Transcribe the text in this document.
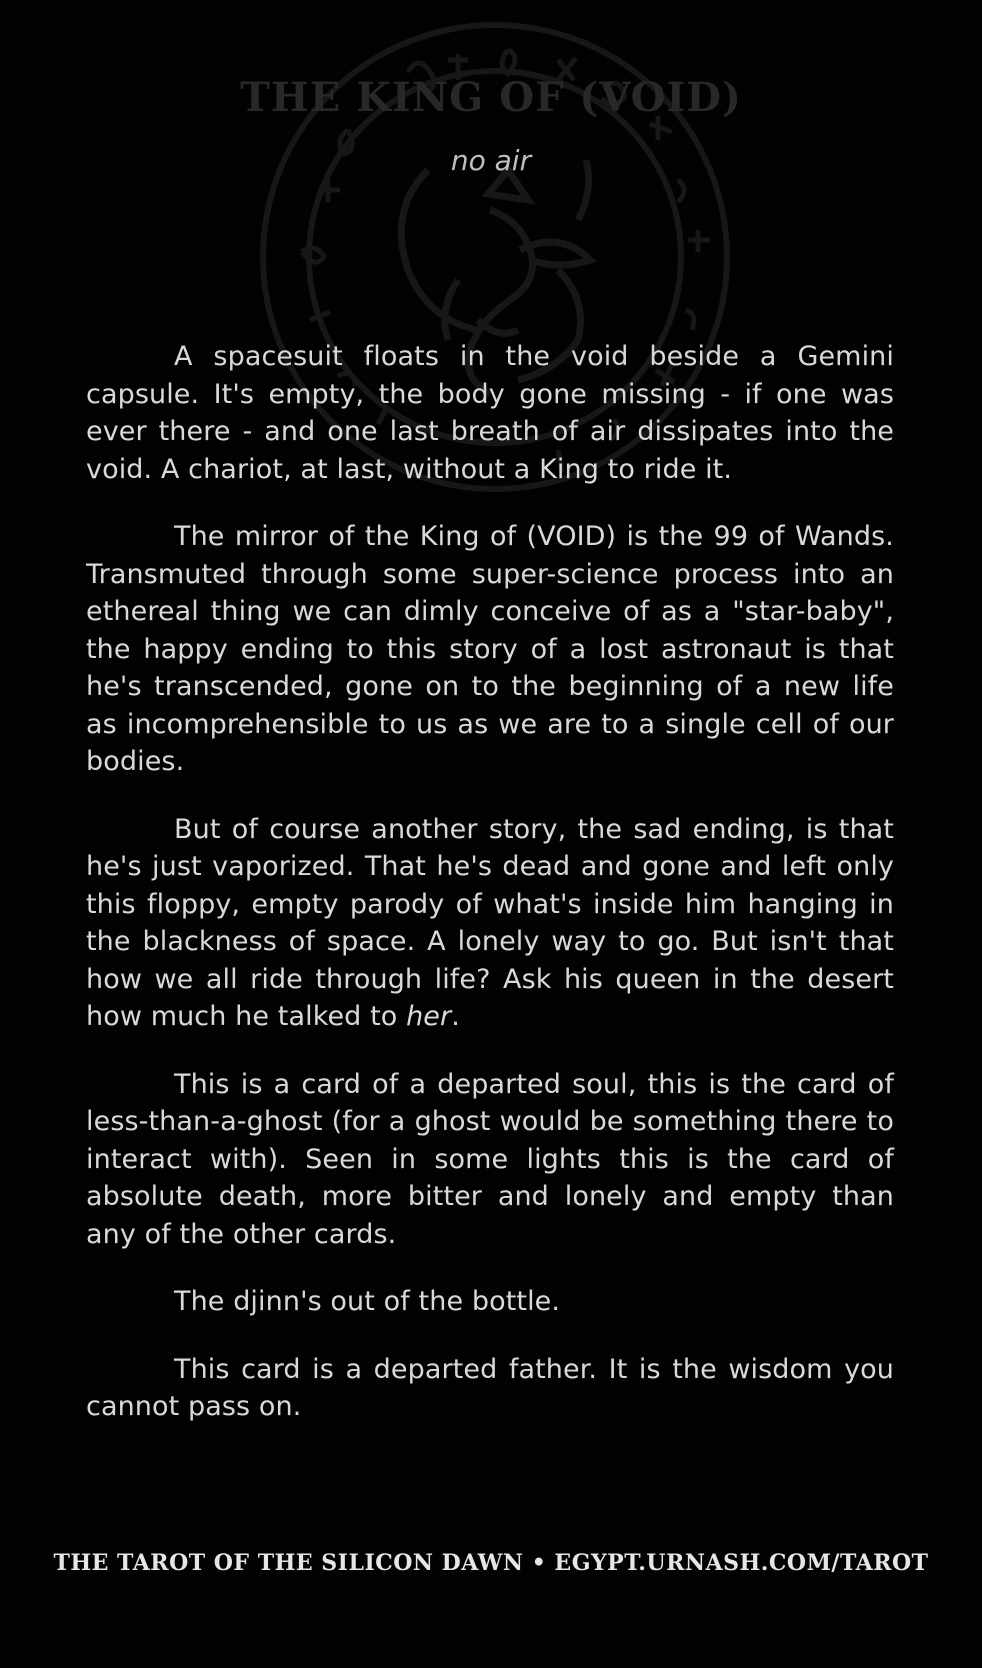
THE KING OF (VOID)
no air

A spacesuit floats in the void beside a Gemini capsule. It's empty, the body gone missing - if one was ever there - and one last breath of air dissipates into the void. A chariot, at last, without a King to ride it.

The mirror of the King of (VOID) is the 99 of Wands. Transmuted through some super-science process into an ethereal thing we can dimly conceive of as a "star-baby", the happy ending to this story of a lost astronaut is that he's transcended, gone on to the beginning of a new life as incomprehensible to us as we are to a single cell of our bodies.

But of course another story, the sad ending, is that he's just vaporized. That he's dead and gone and left only this floppy, empty parody of what's inside him hanging in the blackness of space. A lonely way to go. But isn't that how we all ride through life? Ask his queen in the desert how much he talked to her.

This is a card of a departed soul, this is the card of less-than-a-ghost (for a ghost would be something there to interact with). Seen in some lights this is the card of absolute death, more bitter and lonely and empty than any of the other cards.

The djinn's out of the bottle.

This card is a departed father. It is the wisdom you cannot pass on.

THE TAROT OF THE SILICON DAWN • EGYPT.URNASH.COM/TAROT
